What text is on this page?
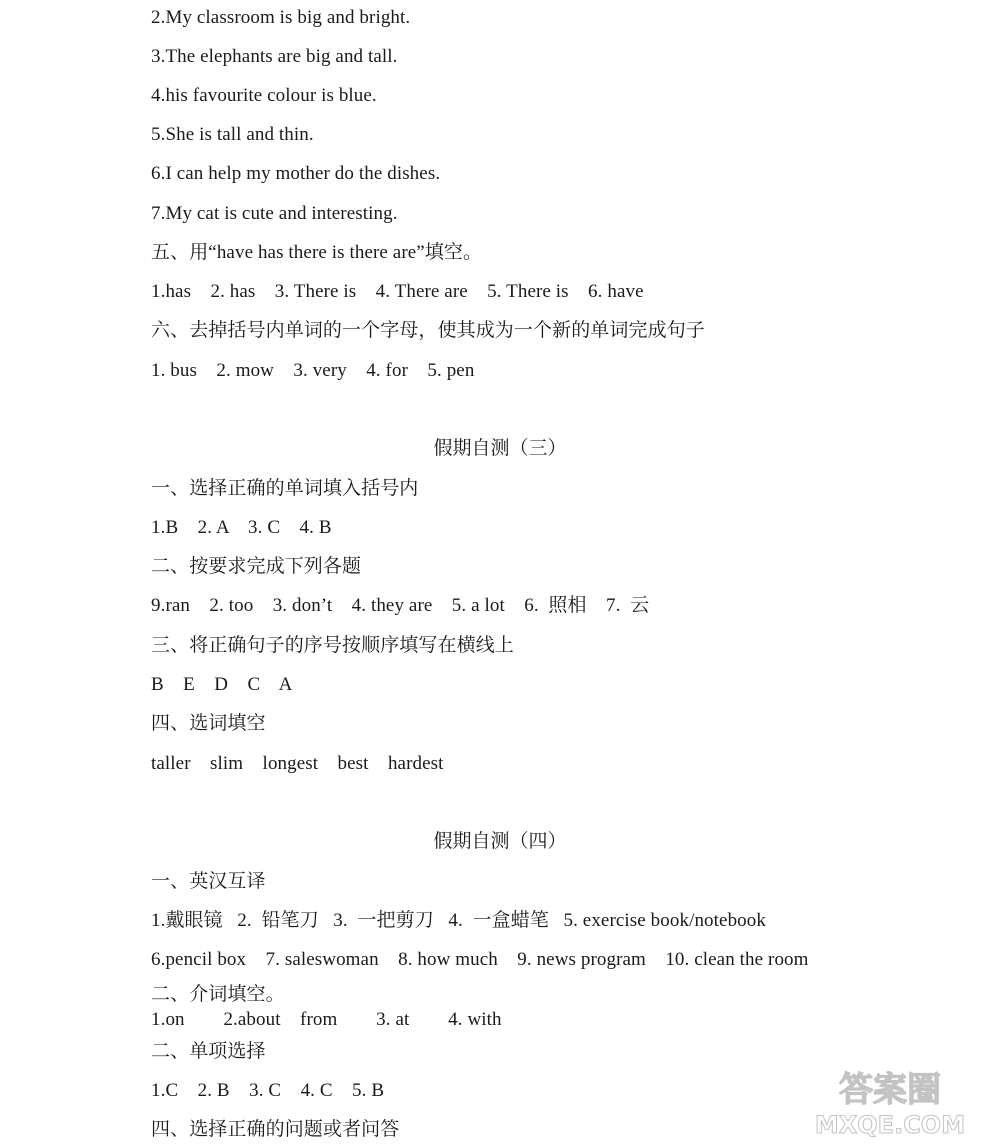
2.My classroom is big and bright.
3.The elephants are big and tall.
4.his favourite colour is blue.
5.She is tall and thin.
6.I can help my mother do the dishes.
7.My cat is cute and interesting.
五、用“have has there is there are”填空。
1.has    2. has    3. There is    4. There are    5. There is    6. have
六、去掉括号内单词的一个字母，使其成为一个新的单词完成句子
1. bus    2. mow    3. very    4. for    5. pen
假期自测（三）
一、选择正确的单词填入括号内
1.B    2. A    3. C    4. B
二、按要求完成下列各题
9.ran    2. too    3. don’t    4. they are    5. a lot    6.  照相    7.  云
三、将正确句子的序号按顺序填写在横线上
B    E    D    C    A
四、选词填空
taller    slim    longest    best    hardest
假期自测（四）
一、英汉互译
1.戴眼镜   2.  铅笔刀   3.  一把剪刀   4.  一盒蜡笔   5. exercise book/notebook
6.pencil box    7. saleswoman    8. how much    9. news program    10. clean the room
二、介词填空。
1.on        2.about    from        3. at        4. with
二、单项选择
1.C    2. B    3. C    4. C    5. B
四、选择正确的问题或者问答
答案圈
MXQE.COM
